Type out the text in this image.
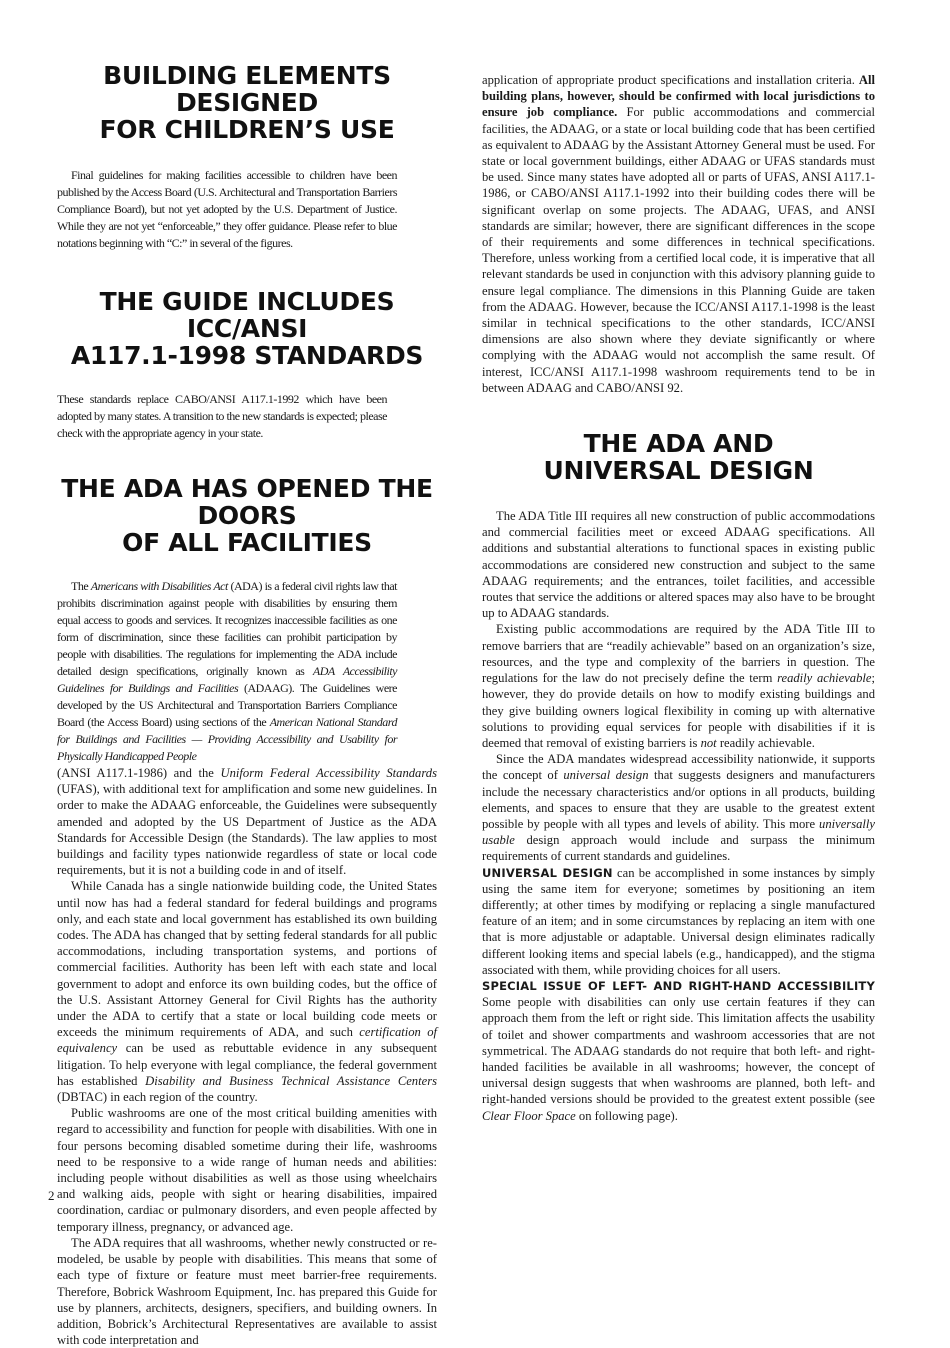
BUILDING ELEMENTS DESIGNED
FOR CHILDREN’S USE

Final guidelines for making facilities accessible to children have been published by the Access Board (U.S. Architectural and Transportation Barriers Compliance Board), but not yet adopted by the U.S. Department of Justice. While they are not yet “enforceable,” they offer guidance. Please refer to blue notations beginning with “C:” in several of the figures.

THE GUIDE INCLUDES ICC/ANSI
A117.1-1998 STANDARDS

These standards replace CABO/ANSI A117.1-1992 which have been adopted by many states. A transition to the new standards is expected; please check with the appropriate agency in your state.

THE ADA HAS OPENED THE DOORS
OF ALL FACILITIES

The Americans with Disabilities Act (ADA) is a federal civil rights law that prohibits discrimination against people with disabilities by ensuring them equal access to goods and services. It recognizes inaccessible facilities as one form of discrimination, since these facilities can prohibit participation by people with disabilities. The regulations for implementing the ADA include detailed design specifications, originally known as ADA Accessibility Guidelines for Buildings and Facilities (ADAAG). The Guidelines were developed by the US Architectural and Transportation Barriers Compliance Board (the Access Board) using sections of the American National Standard for Buildings and Facilities — Providing Accessibility and Usability for Physically Handicapped People

(ANSI A117.1-1986) and the Uniform Federal Accessibility Standards (UFAS), with additional text for amplification and some new guidelines. In order to make the ADAAG enforceable, the Guidelines were subsequently amended and adopted by the US Department of Justice as the ADA Standards for Accessible Design (the Standards). The law applies to most buildings and facility types nationwide regardless of state or local code requirements, but it is not a building code in and of itself.

While Canada has a single nationwide building code, the United States until now has had a federal standard for federal buildings and programs only, and each state and local government has established its own building codes. The ADA has changed that by setting federal standards for all public accommodations, including transportation systems, and portions of commercial facilities. Authority has been left with each state and local government to adopt and enforce its own building codes, but the office of the U.S. Assistant Attorney General for Civil Rights has the authority under the ADA to certify that a state or local building code meets or exceeds the minimum requirements of ADA, and such certification of equivalency can be used as rebuttable evidence in any subsequent litigation. To help everyone with legal compliance, the federal government has established Disability and Business Technical Assistance Centers (DBTAC) in each region of the country.

Public washrooms are one of the most critical building amenities with regard to accessibility and function for people with disabilities. With one in four persons becoming disabled sometime during their life, washrooms need to be responsive to a wide range of human needs and abilities: including people without disabilities as well as those using wheelchairs and walking aids, people with sight or hearing disabilities, impaired coordination, cardiac or pulmonary disorders, and even people affected by temporary illness, pregnancy, or advanced age.

The ADA requires that all washrooms, whether newly constructed or re-modeled, be usable by people with disabilities. This means that some of each type of fixture or feature must meet barrier-free requirements. Therefore, Bobrick Washroom Equipment, Inc. has prepared this Guide for use by planners, architects, designers, specifiers, and building owners. In addition, Bobrick’s Architectural Representatives are available to assist with code interpretation and

application of appropriate product specifications and installation criteria. All building plans, however, should be confirmed with local jurisdictions to ensure job compliance. For public accommodations and commercial facilities, the ADAAG, or a state or local building code that has been certified as equivalent to ADAAG by the Assistant Attorney General must be used. For state or local government buildings, either ADAAG or UFAS standards must be used. Since many states have adopted all or parts of UFAS, ANSI A117.1-1986, or CABO/ANSI A117.1-1992 into their building codes there will be significant overlap on some projects. The ADAAG, UFAS, and ANSI standards are similar; however, there are significant differences in the scope of their requirements and some differences in technical specifications. Therefore, unless working from a certified local code, it is imperative that all relevant standards be used in conjunction with this advisory planning guide to ensure legal compliance. The dimensions in this Planning Guide are taken from the ADAAG. However, because the ICC/ANSI A117.1-1998 is the least similar in technical specifications to the other standards, ICC/ANSI dimensions are also shown where they deviate significantly or where complying with the ADAAG would not accomplish the same result. Of interest, ICC/ANSI A117.1-1998 washroom requirements tend to be in between ADAAG and CABO/ANSI 92.

THE ADA AND
UNIVERSAL DESIGN

The ADA Title III requires all new construction of public accommodations and commercial facilities meet or exceed ADAAG specifications. All additions and substantial alterations to functional spaces in existing public accommodations are considered new construction and subject to the same ADAAG requirements; and the entrances, toilet facilities, and accessible routes that service the additions or altered spaces may also have to be brought up to ADAAG standards.

Existing public accommodations are required by the ADA Title III to remove barriers that are “readily achievable” based on an organization’s size, resources, and the type and complexity of the barriers in question. The regulations for the law do not precisely define the term readily achievable; however, they do provide details on how to modify existing buildings and they give building owners logical flexibility in coming up with alternative solutions to providing equal services for people with disabilities if it is deemed that removal of existing barriers is not readily achievable.

Since the ADA mandates widespread accessibility nationwide, it supports the concept of universal design that suggests designers and manufacturers include the necessary characteristics and/or options in all products, building elements, and spaces to ensure that they are usable to the greatest extent possible by people with all types and levels of ability. This more universally usable design approach would include and surpass the minimum requirements of current standards and guidelines.

UNIVERSAL DESIGN can be accomplished in some instances by simply using the same item for everyone; sometimes by positioning an item differently; at other times by modifying or replacing a single manufactured feature of an item; and in some circumstances by replacing an item with one that is more adjustable or adaptable. Universal design eliminates radically different looking items and special labels (e.g., handicapped), and the stigma associated with them, while providing choices for all users.

SPECIAL ISSUE OF LEFT- AND RIGHT-HAND ACCESSIBILITY Some people with disabilities can only use certain features if they can approach them from the left or right side. This limitation affects the usability of toilet and shower compartments and washroom accessories that are not symmetrical. The ADAAG standards do not require that both left- and right-handed facilities be available in all washrooms; however, the concept of universal design suggests that when washrooms are planned, both left- and right-handed versions should be provided to the greatest extent possible (see Clear Floor Space on following page).

2
